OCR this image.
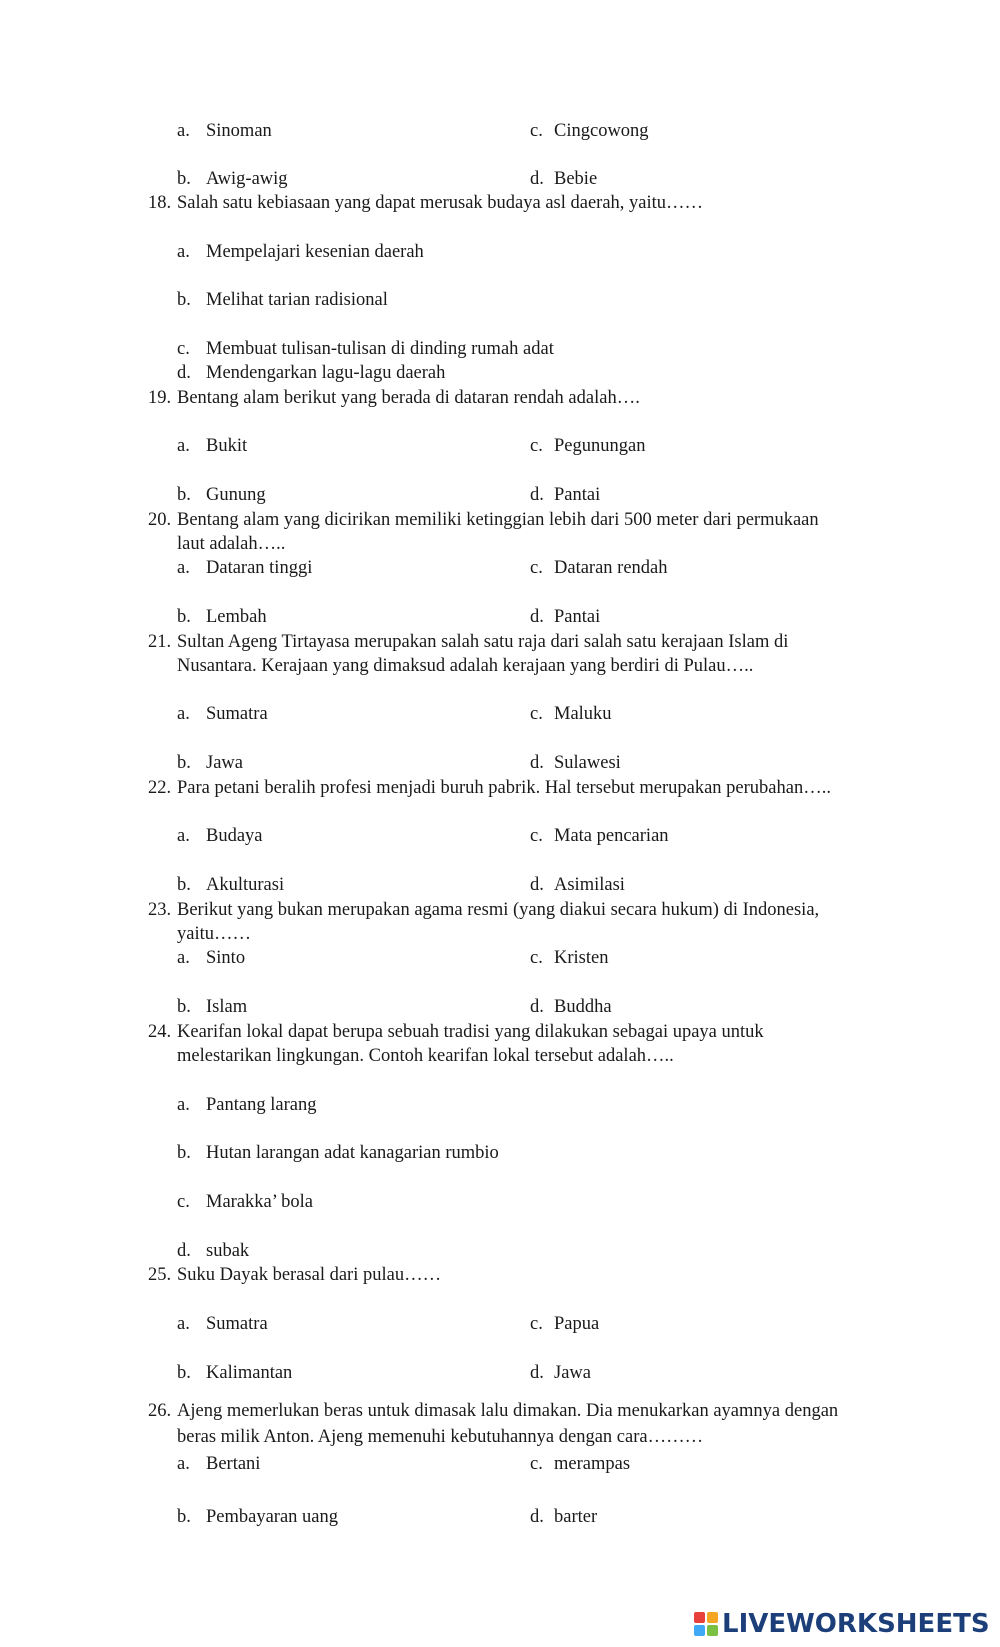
a. Sinoman	c. Cingcowong
b. Awig-awig	d. Bebie
18. Salah satu kebiasaan yang dapat merusak budaya asl daerah, yaitu……
a. Mempelajari kesenian daerah
b. Melihat tarian radisional
c. Membuat tulisan-tulisan di dinding rumah adat
d. Mendengarkan lagu-lagu daerah
19. Bentang alam berikut yang berada di dataran rendah adalah….
a. Bukit	c. Pegunungan
b. Gunung	d. Pantai
20. Bentang alam yang dicirikan memiliki ketinggian lebih dari 500 meter dari permukaan
laut adalah…..
a. Dataran tinggi	c. Dataran rendah
b. Lembah	d. Pantai
21. Sultan Ageng Tirtayasa merupakan salah satu raja dari salah satu kerajaan Islam di
Nusantara. Kerajaan yang dimaksud adalah kerajaan yang berdiri di Pulau…..
a. Sumatra	c. Maluku
b. Jawa	d. Sulawesi
22. Para petani beralih profesi menjadi buruh pabrik. Hal tersebut merupakan perubahan…..
a. Budaya	c. Mata pencarian
b. Akulturasi	d. Asimilasi
23. Berikut yang bukan merupakan agama resmi (yang diakui secara hukum) di Indonesia,
yaitu……
a. Sinto	c. Kristen
b. Islam	d. Buddha
24. Kearifan lokal dapat berupa sebuah tradisi yang dilakukan sebagai upaya untuk
melestarikan lingkungan. Contoh kearifan lokal tersebut adalah…..
a. Pantang larang
b. Hutan larangan adat kanagarian rumbio
c. Marakka’ bola
d. subak
25. Suku Dayak berasal dari pulau……
a. Sumatra	c. Papua
b. Kalimantan	d. Jawa
26. Ajeng memerlukan beras untuk dimasak lalu dimakan. Dia menukarkan ayamnya dengan
beras milik Anton. Ajeng memenuhi kebutuhannya dengan cara………
a. Bertani	c. merampas
b. Pembayaran uang	d. barter
LIVEWORKSHEETS
